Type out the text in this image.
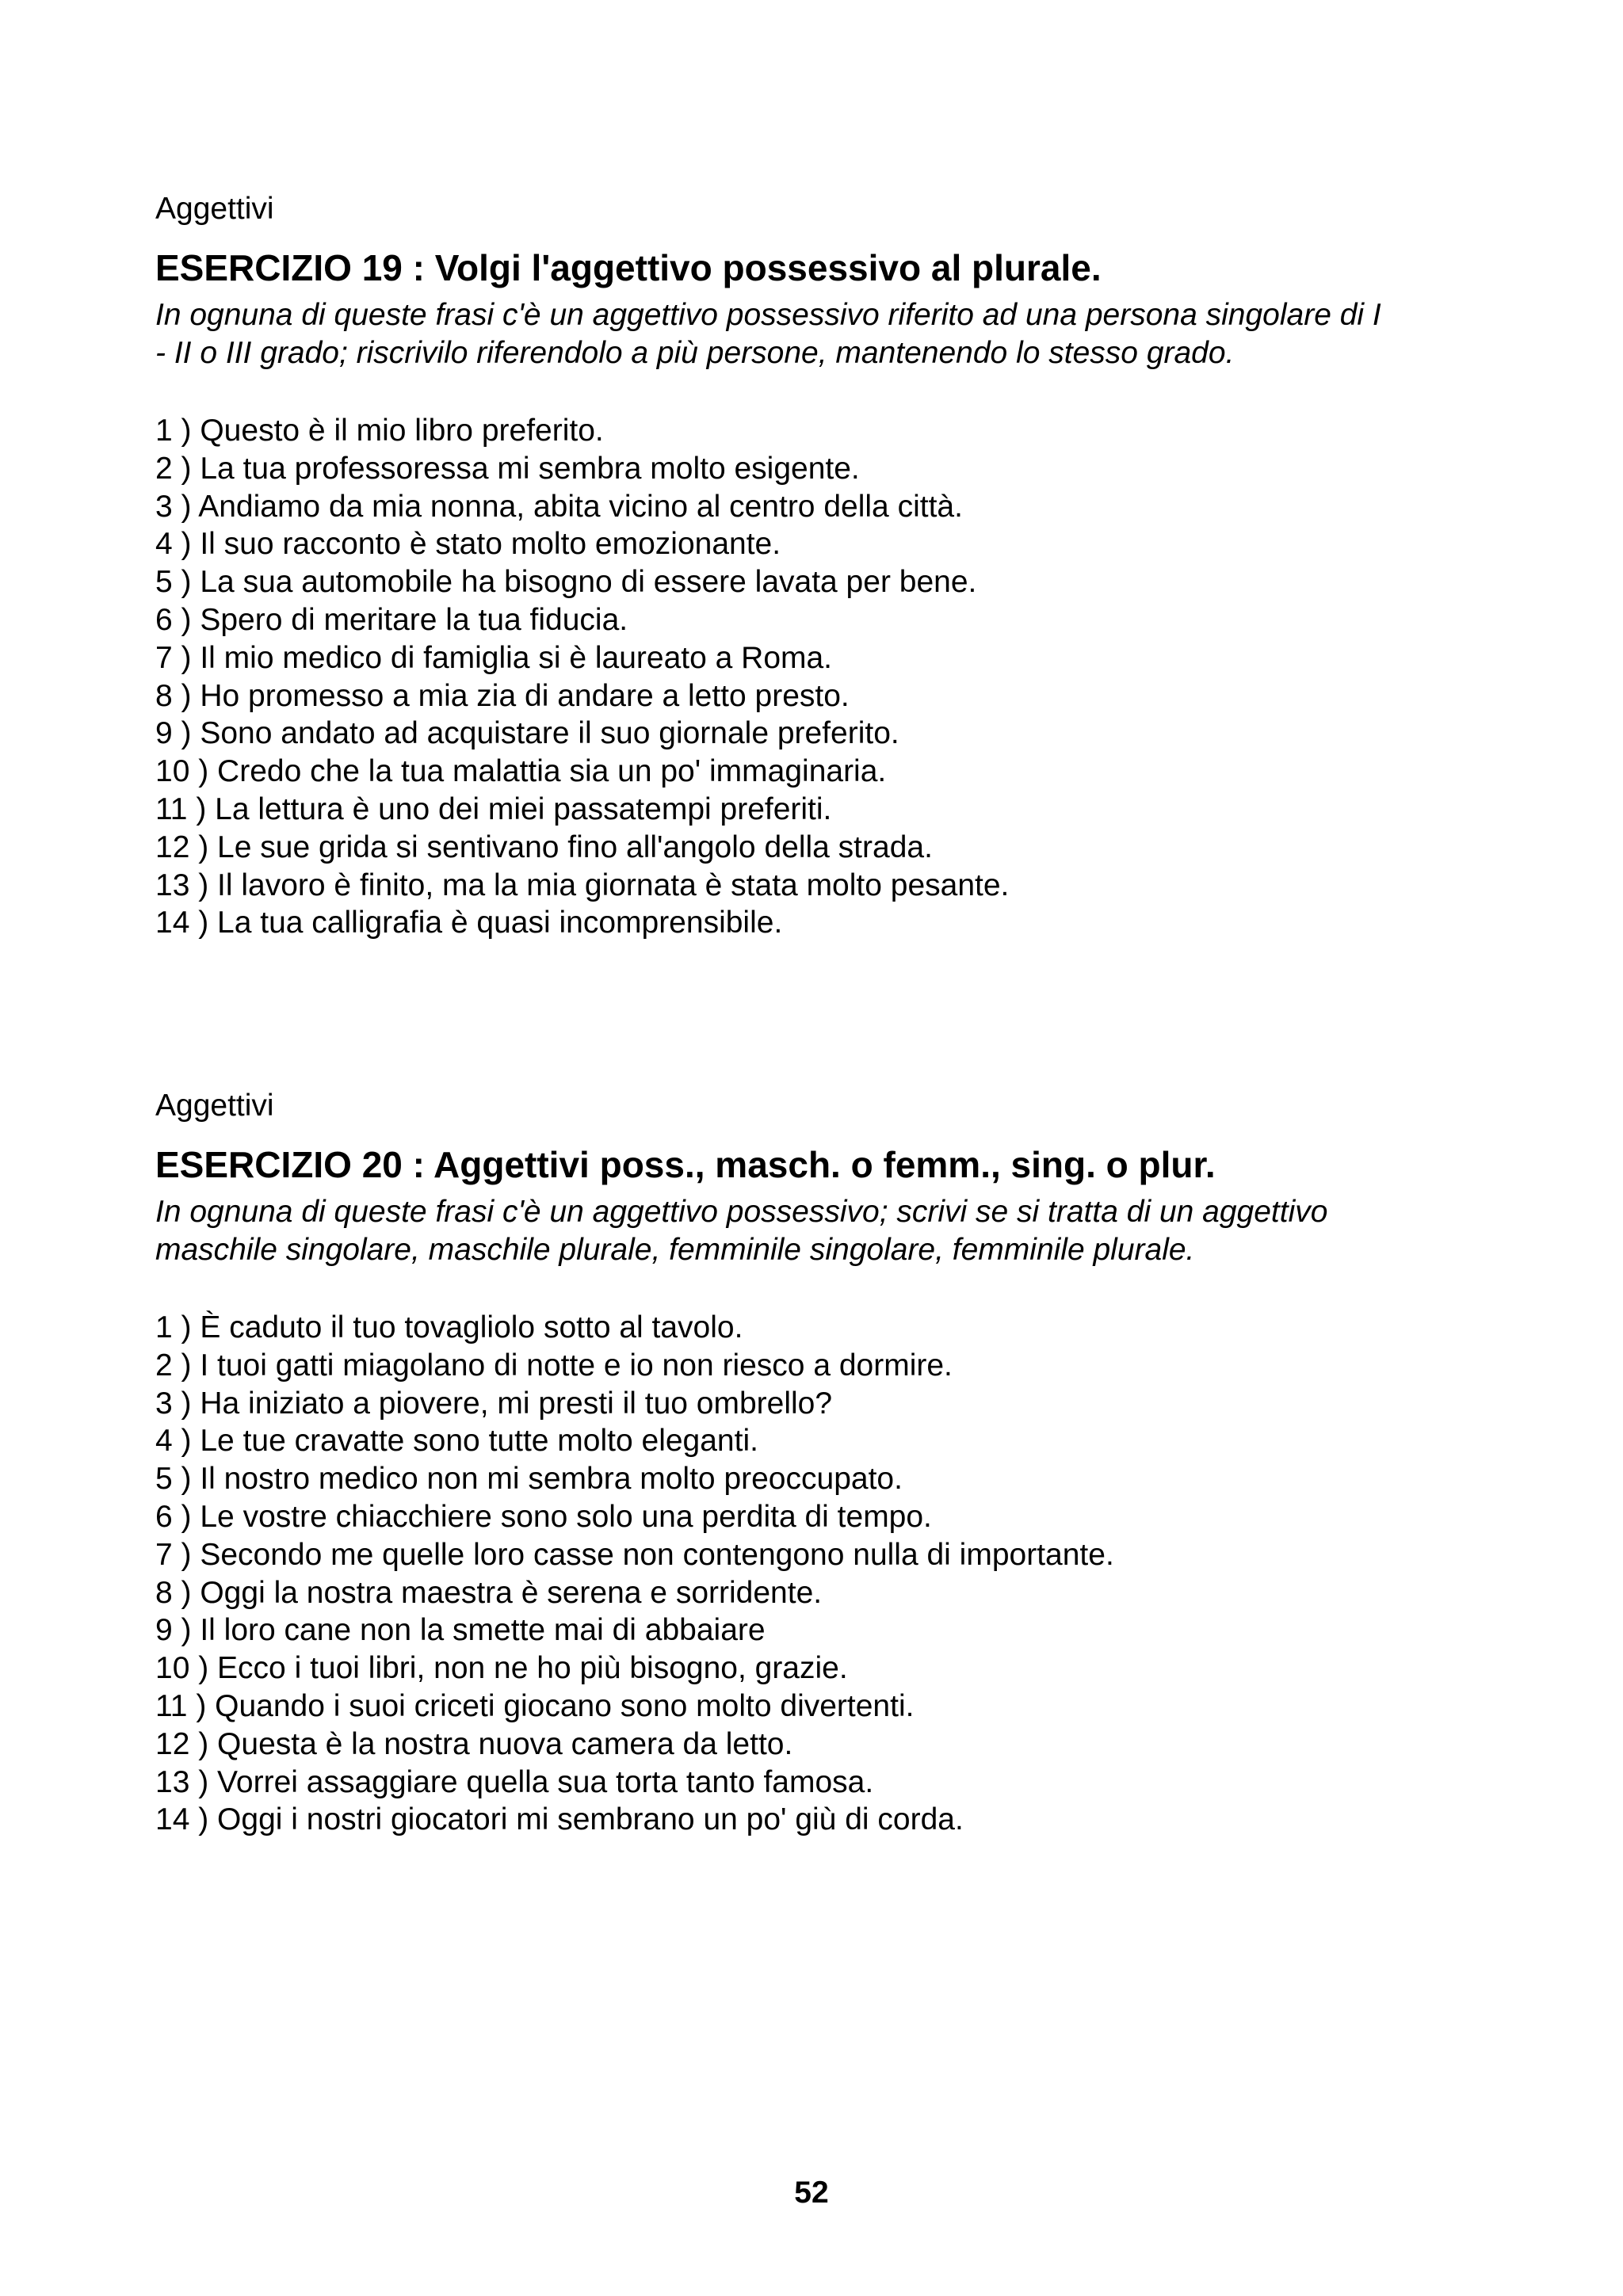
Aggettivi

ESERCIZIO 19 : Volgi l'aggettivo possessivo al plurale.

In ognuna di queste frasi c'è un aggettivo possessivo riferito ad una persona singolare di I
- II o III grado; riscrivilo riferendolo a più persone, mantenendo lo stesso grado.

1 ) Questo è il mio libro preferito.
2 ) La tua professoressa mi sembra molto esigente.
3 ) Andiamo da mia nonna, abita vicino al centro della città.
4 ) Il suo racconto è stato molto emozionante.
5 ) La sua automobile ha bisogno di essere lavata per bene.
6 ) Spero di meritare la tua fiducia.
7 ) Il mio medico di famiglia si è laureato a Roma.
8 ) Ho promesso a mia zia di andare a letto presto.
9 ) Sono andato ad acquistare il suo giornale preferito.
10 ) Credo che la tua malattia sia un po' immaginaria.
11 ) La lettura è uno dei miei passatempi preferiti.
12 ) Le sue grida si sentivano fino all'angolo della strada.
13 ) Il lavoro è finito, ma la mia giornata è stata molto pesante.
14 ) La tua calligrafia è quasi incomprensibile.

Aggettivi

ESERCIZIO 20 : Aggettivi poss., masch. o femm., sing. o plur.

In ognuna di queste frasi c'è un aggettivo possessivo; scrivi se si tratta di un aggettivo
maschile singolare, maschile plurale, femminile singolare, femminile plurale.

1 ) È caduto il tuo tovagliolo sotto al tavolo.
2 ) I tuoi gatti miagolano di notte e io non riesco a dormire.
3 ) Ha iniziato a piovere, mi presti il tuo ombrello?
4 ) Le tue cravatte sono tutte molto eleganti.
5 ) Il nostro medico non mi sembra molto preoccupato.
6 ) Le vostre chiacchiere sono solo una perdita di tempo.
7 ) Secondo me quelle loro casse non contengono nulla di importante.
8 ) Oggi la nostra maestra è serena e sorridente.
9 ) Il loro cane non la smette mai di abbaiare
10 ) Ecco i tuoi libri, non ne ho più bisogno, grazie.
11 ) Quando i suoi criceti giocano sono molto divertenti.
12 ) Questa è la nostra nuova camera da letto.
13 ) Vorrei assaggiare quella sua torta tanto famosa.
14 ) Oggi i nostri giocatori mi sembrano un po' giù di corda.
52
